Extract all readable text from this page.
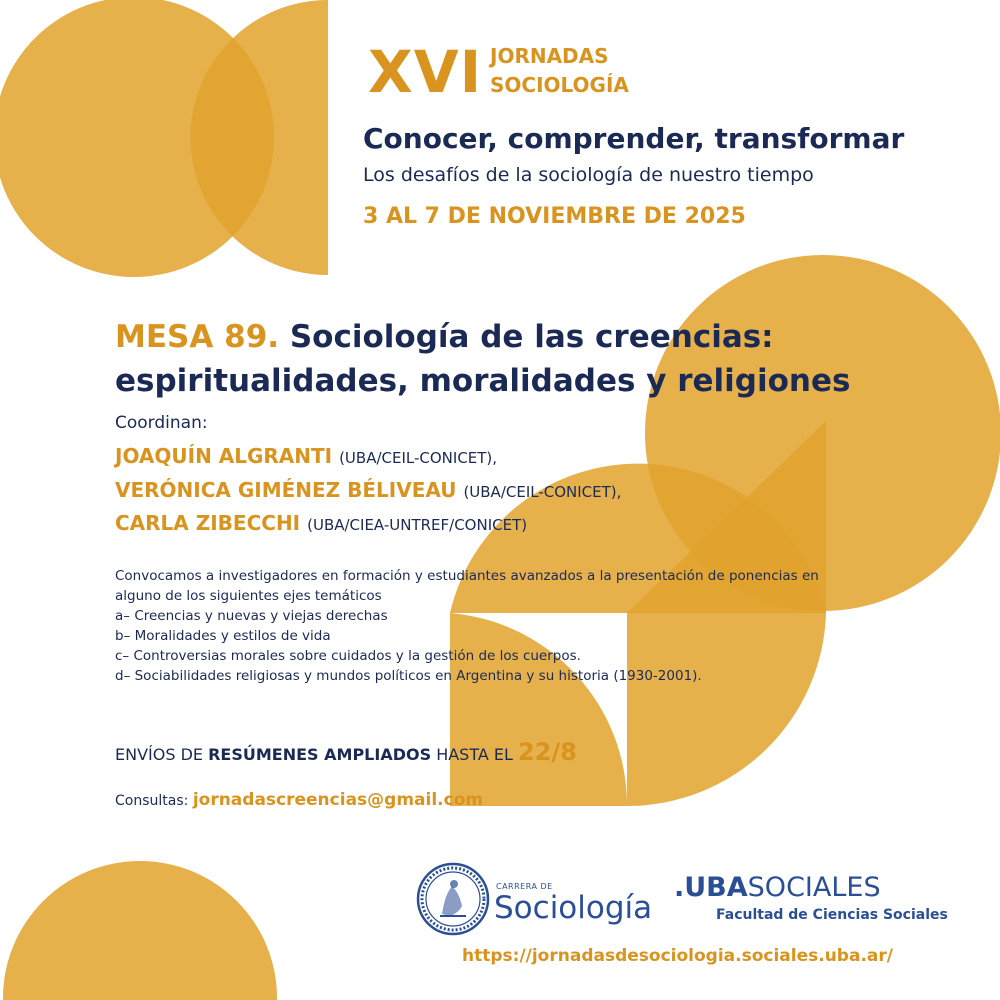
XVI JORNADAS
SOCIOLOGÍA
Conocer, comprender, transformar
Los desafíos de la sociología de nuestro tiempo
3 AL 7 DE NOVIEMBRE DE 2025
MESA 89. Sociología de las creencias:
espiritualidades, moralidades y religiones
Coordinan:
JOAQUÍN ALGRANTI (UBA/CEIL-CONICET),
VERÓNICA GIMÉNEZ BÉLIVEAU (UBA/CEIL-CONICET),
CARLA ZIBECCHI (UBA/CIEA-UNTREF/CONICET)
Convocamos a investigadores en formación y estudiantes avanzados a la presentación de ponencias en
alguno de los siguientes ejes temáticos
a– Creencias y nuevas y viejas derechas
b– Moralidades y estilos de vida
c– Controversias morales sobre cuidados y la gestión de los cuerpos.
d– Sociabilidades religiosas y mundos políticos en Argentina y su historia (1930-2001).
ENVÍOS DE RESÚMENES AMPLIADOS HASTA EL 22/8
Consultas: jornadascreencias@gmail.com
CARRERA DE
Sociología
.UBASOCIALES
Facultad de Ciencias Sociales
https://jornadasdesociologia.sociales.uba.ar/
